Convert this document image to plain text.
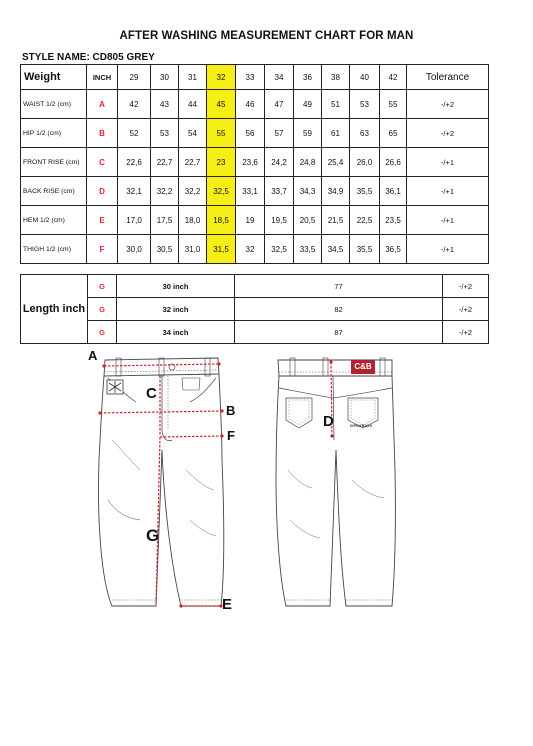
AFTER WASHING MEASUREMENT CHART FOR MAN
STYLE NAME: CD805 GREY
Weight	INCH	29	30	31	32	33	34	36	38	40	42	Tolerance
WAIST 1/2 (cm)	A	42	43	44	45	46	47	49	51	53	55	-/+2
HIP 1/2 (cm)	B	52	53	54	55	56	57	59	61	63	65	-/+2
FRONT RISE (cm)	C	22,6	22,7	22,7	23	23,6	24,2	24,8	25,4	26,0	26,6	-/+1
BACK RISE (cm)	D	32,1	32,2	32,2	32,5	33,1	33,7	34,3	34,9	35,5	36,1	-/+1
HEM 1/2 (cm)	E	17,0	17,5	18,0	18,5	19	19,5	20,5	21,5	22,5	23,5	-/+1
THIGH 1/2 (cm)	F	30,0	30,5	31,0	31,5	32	32,5	33,5	34,5	35,5	36,5	-/+1
Length inch	G	30 inch	77	-/+2
	G	32 inch	82	-/+2
	G	34 inch	87	-/+2
C&B
CIPO&BAXX
A
C
B
F
G
E
D
